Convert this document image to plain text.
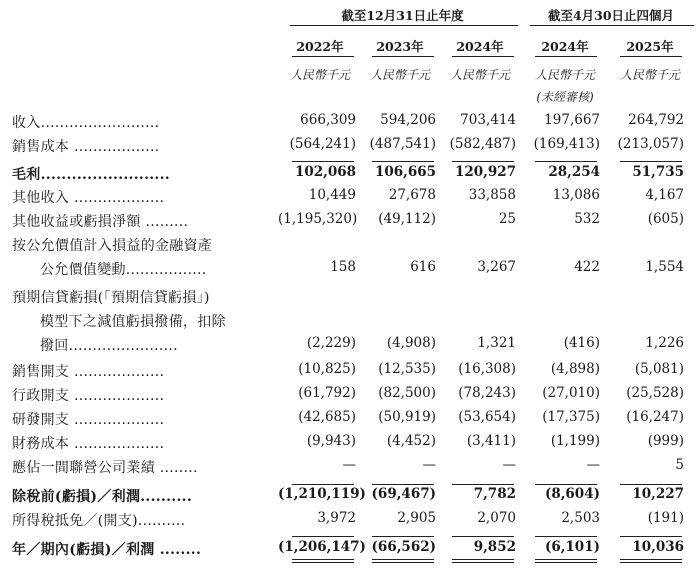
截至12月31日止年度	截至4月30日止四個月
2022年	2023年	2024年	2024年	2025年
人民幣千元	人民幣千元	人民幣千元	人民幣千元	人民幣千元
(未經審核)
收入.........................	666,309	594,206	703,414	197,667	264,792
銷售成本 ..................	(564,241)	(487,541)	(582,487)	(169,413)	(213,057)
毛利.........................	102,068	106,665	120,927	28,254	51,735
其他收入 ...................	10,449	27,678	33,858	13,086	4,167
其他收益或虧損淨額 .........	(1,195,320)	(49,112)	25	532	(605)
按公允價值計入損益的金融資產
公允價值變動.................	158	616	3,267	422	1,554
預期信貸虧損(「預期信貸虧損」)
模型下之減值虧損撥備，扣除
撥回.......................	(2,229)	(4,908)	1,321	(416)	1,226
銷售開支 ...................	(10,825)	(12,535)	(16,308)	(4,898)	(5,081)
行政開支 ...................	(61,792)	(82,500)	(78,243)	(27,010)	(25,528)
研發開支 ...................	(42,685)	(50,919)	(53,654)	(17,375)	(16,247)
財務成本 ...................	(9,943)	(4,452)	(3,411)	(1,199)	(999)
應佔一間聯營公司業績 ........	—	—	—	—	5
除稅前(虧損)／利潤..........	(1,210,119) (69,467)	7,782	(8,604)	10,227
所得稅抵免／(開支)..........	3,972	2,905	2,070	2,503	(191)
年／期內(虧損)／利潤 ........	(1,206,147) (66,562)	9,852	(6,101)	10,036
